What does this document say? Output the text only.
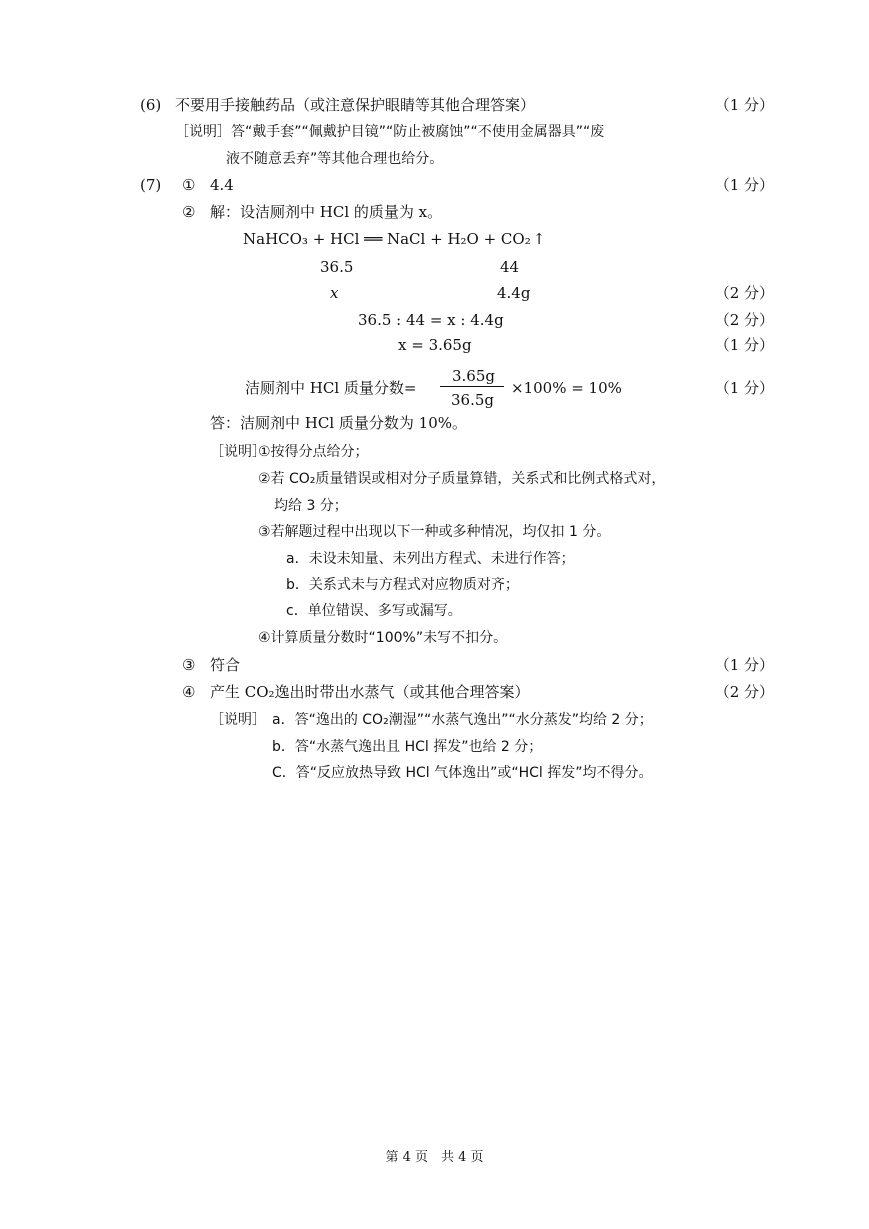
(6) 不要用手接触药品（或注意保护眼睛等其他合理答案）	（1 分）
［说明］答“戴手套”“佩戴护目镜”“防止被腐蚀”“不使用金属器具”“废
液不随意丢弃”等其他合理也给分。
(7) ① 4.4	（1 分）
② 解：设洁厕剂中 HCl 的质量为 x。
NaHCO₃ + HCl ══ NaCl + H₂O + CO₂ ↑
36.5	44
x	4.4g	（2 分）
36.5 : 44 = x : 4.4g	（2 分）
x = 3.65g	（1 分）
洁厕剂中 HCl 质量分数=
3.65g
36.5g
×100% = 10%	（1 分）
答：洁厕剂中 HCl 质量分数为 10%。
［说明］
①按得分点给分；
②若 CO₂质量错误或相对分子质量算错，关系式和比例式格式对，
均给 3 分；
③若解题过程中出现以下一种或多种情况，均仅扣 1 分。
a．未设未知量、未列出方程式、未进行作答；
b．关系式未与方程式对应物质对齐；
c．单位错误、多写或漏写。
④计算质量分数时“100%”未写不扣分。
③ 符合	（1 分）
④ 产生 CO₂逸出时带出水蒸气（或其他合理答案）	（2 分）
［说明］ a．答“逸出的 CO₂潮湿”“水蒸气逸出”“水分蒸发”均给 2 分；
b．答“水蒸气逸出且 HCl 挥发”也给 2 分；
C．答“反应放热导致 HCl 气体逸出”或“HCl 挥发”均不得分。
第 4 页　共 4 页
